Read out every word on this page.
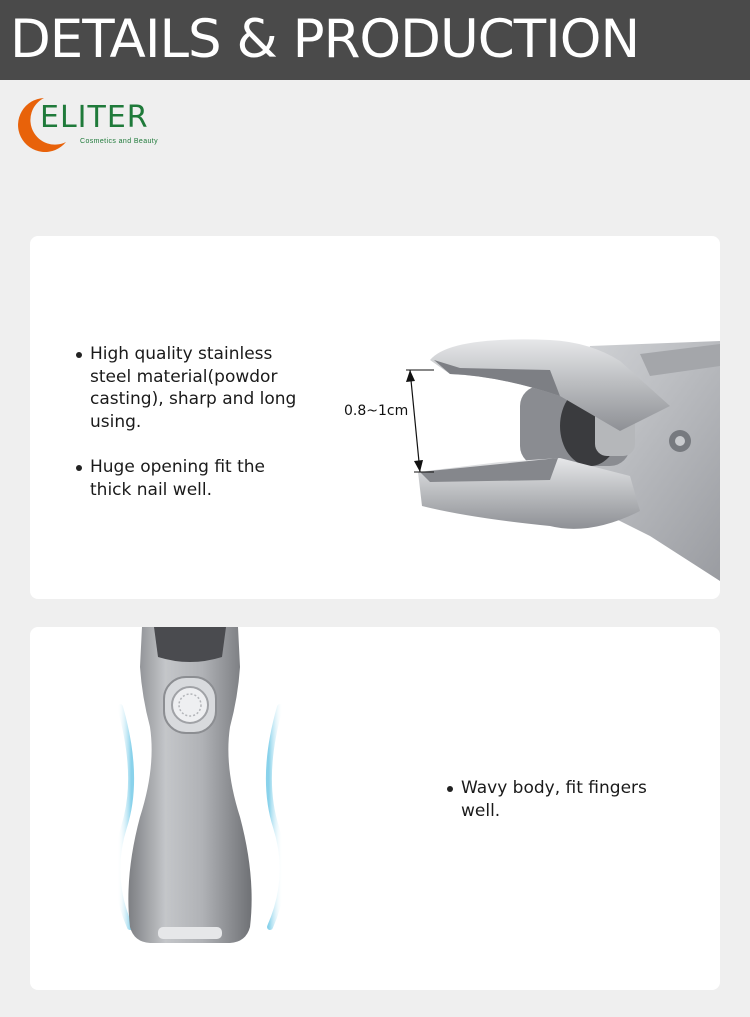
DETAILS & PRODUCTION
ELITER
Cosmetics and Beauty
High quality stainless steel material(powdor casting), sharp and long using.
Huge opening fit the thick nail well.
0.8~1cm
Wavy body, fit fingers well.
